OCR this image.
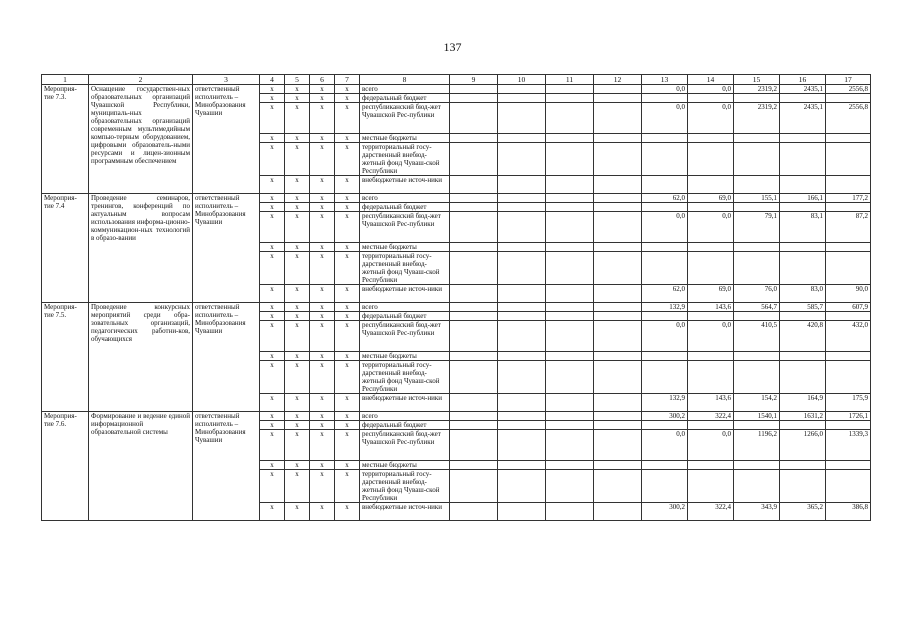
137
1	2	3	4	5	6	7	8	9	10	11	12	13	14	15	16	17
Мероприя-тие 7.3.	Оснащение государствен-ных образовательных организаций Чувашской Республики, муниципаль-ных образовательных организаций современным мультимедийным компью-терным оборудованием, цифровыми образователь-ными ресурсами и лицен-зионным программным обеспечением	ответственный исполнитель – Минобразования Чувашии	x	x	x	x	всего					0,0	0,0	2319,2	2435,1	2556,8
			x	x	x	x	федеральный бюджет									
			x	x	x	x	республиканский бюд-жет Чувашской Рес-публики					0,0	0,0	2319,2	2435,1	2556,8
			x	x	x	x	местные бюджеты									
			x	x	x	x	территориальный госу-дарственный внебюд-жетный фонд Чуваш-ской Республики									
			x	x	x	x	внебюджетные источ-ники									
Мероприя-тие 7.4	Проведение семинаров, тренингов, конференций по актуальным вопросам использования информа-ционно-коммуникацион-ных технологий в образо-вании	ответственный исполнитель – Минобразования Чувашии	x	x	x	x	всего					62,0	69,0	155,1	166,1	177,2
			x	x	x	x	федеральный бюджет									
			x	x	x	x	республиканский бюд-жет Чувашской Рес-публики					0,0	0,0	79,1	83,1	87,2
			x	x	x	x	местные бюджеты									
			x	x	x	x	территориальный госу-дарственный внебюд-жетный фонд Чуваш-ской Республики									
			x	x	x	x	внебюджетные источ-ники					62,0	69,0	76,0	83,0	90,0
Мероприя-тие 7.5.	Проведение конкурсных мероприятий среди обра-зовательных организаций, педагогических работни-ков, обучающихся	ответственный исполнитель – Минобразования Чувашии	x	x	x	x	всего					132,9	143,6	564,7	585,7	607,9
			x	x	x	x	федеральный бюджет									
			x	x	x	x	республиканский бюд-жет Чувашской Рес-публики					0,0	0,0	410,5	420,8	432,0
			x	x	x	x	местные бюджеты									
			x	x	x	x	территориальный госу-дарственный внебюд-жетный фонд Чуваш-ской Республики									
			x	x	x	x	внебюджетные источ-ники					132,9	143,6	154,2	164,9	175,9
Мероприя-тие 7.6.	Формирование и ведение единой информационной образовательной системы	ответственный исполнитель – Минобразования Чувашии	x	x	x	x	всего					300,2	322,4	1540,1	1631,2	1726,1
			x	x	x	x	федеральный бюджет									
			x	x	x	x	республиканский бюд-жет Чувашской Рес-публики					0,0	0,0	1196,2	1266,0	1339,3
			x	x	x	x	местные бюджеты									
			x	x	x	x	территориальный госу-дарственный внебюд-жетный фонд Чуваш-ской Республики									
			x	x	x	x	внебюджетные источ-ники					300,2	322,4	343,9	365,2	386,8
